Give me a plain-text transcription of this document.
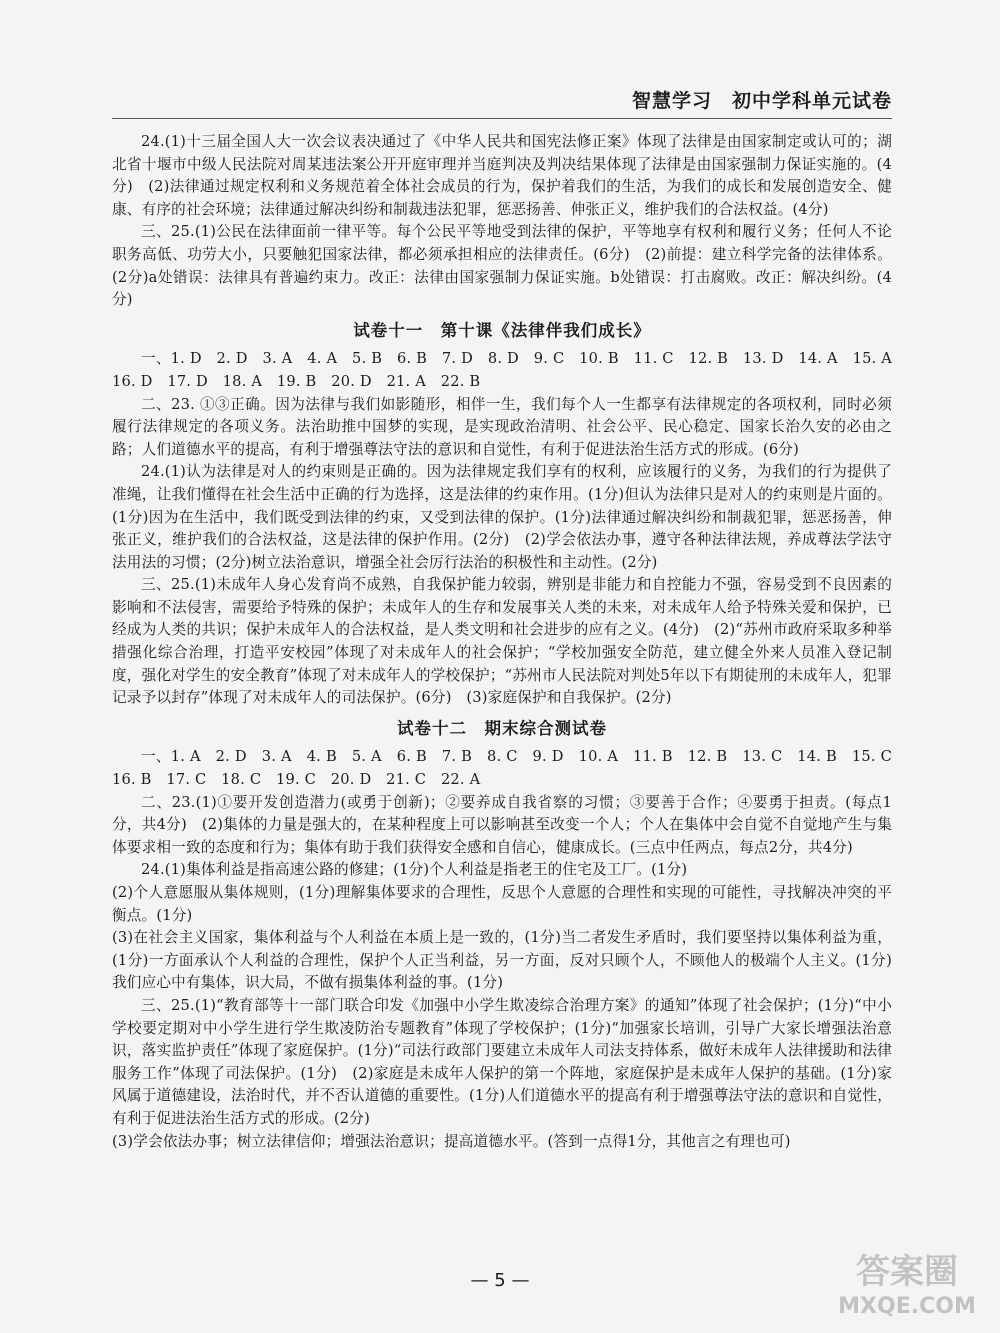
智慧学习　初中学科单元试卷

24.(1)十三届全国人大一次会议表决通过了《中华人民共和国宪法修正案》体现了法律是由国家制定或认可的；湖北省十堰市中级人民法院对周某违法案公开开庭审理并当庭判决及判决结果体现了法律是由国家强制力保证实施的。(4分)　(2)法律通过规定权利和义务规范着全体社会成员的行为，保护着我们的生活，为我们的成长和发展创造安全、健康、有序的社会环境；法律通过解决纠纷和制裁违法犯罪，惩恶扬善、伸张正义，维护我们的合法权益。(4分)

三、25.(1)公民在法律面前一律平等。每个公民平等地受到法律的保护，平等地享有权利和履行义务；任何人不论职务高低、功劳大小，只要触犯国家法律，都必须承担相应的法律责任。(6分)　(2)前提：建立科学完备的法律体系。(2分)a处错误：法律具有普遍约束力。改正：法律由国家强制力保证实施。b处错误：打击腐败。改正：解决纠纷。(4分)

试卷十一　第十课《法律伴我们成长》

一、1. D　2. D　3. A　4. A　5. B　6. B　7. D　8. D　9. C　10. B　11. C　12. B　13. D　14. A　15. A　16. D　17. D　18. A　19. B　20. D　21. A　22. B

二、23. ①③正确。因为法律与我们如影随形，相伴一生，我们每个人一生都享有法律规定的各项权利，同时必须履行法律规定的各项义务。法治助推中国梦的实现，是实现政治清明、社会公平、民心稳定、国家长治久安的必由之路；人们道德水平的提高，有利于增强尊法守法的意识和自觉性，有利于促进法治生活方式的形成。(6分)

24.(1)认为法律是对人的约束则是正确的。因为法律规定我们享有的权利，应该履行的义务，为我们的行为提供了准绳，让我们懂得在社会生活中正确的行为选择，这是法律的约束作用。(1分)但认为法律只是对人的约束则是片面的。(1分)因为在生活中，我们既受到法律的约束，又受到法律的保护。(1分)法律通过解决纠纷和制裁犯罪，惩恶扬善，伸张正义，维护我们的合法权益，这是法律的保护作用。(2分)　(2)学会依法办事，遵守各种法律法规，养成尊法学法守法用法的习惯；(2分)树立法治意识，增强全社会厉行法治的积极性和主动性。(2分)

三、25.(1)未成年人身心发育尚不成熟，自我保护能力较弱，辨别是非能力和自控能力不强，容易受到不良因素的影响和不法侵害，需要给予特殊的保护；未成年人的生存和发展事关人类的未来，对未成年人给予特殊关爱和保护，已经成为人类的共识；保护未成年人的合法权益，是人类文明和社会进步的应有之义。(4分)　(2)“苏州市政府采取多种举措强化综合治理，打造平安校园”体现了对未成年人的社会保护；“学校加强安全防范，建立健全外来人员准入登记制度，强化对学生的安全教育”体现了对未成年人的学校保护；“苏州市人民法院对判处5年以下有期徒刑的未成年人，犯罪记录予以封存”体现了对未成年人的司法保护。(6分)　(3)家庭保护和自我保护。(2分)

试卷十二　期末综合测试卷

一、1. A　2. D　3. A　4. B　5. A　6. B　7. B　8. C　9. D　10. A　11. B　12. B　13. C　14. B　15. C　16. B　17. C　18. C　19. C　20. D　21. C　22. A

二、23.(1)①要开发创造潜力(或勇于创新)；②要养成自我省察的习惯；③要善于合作；④要勇于担责。(每点1分，共4分)　(2)集体的力量是强大的，在某种程度上可以影响甚至改变一个人；个人在集体中会自觉不自觉地产生与集体要求相一致的态度和行为；集体有助于我们获得安全感和自信心，健康成长。(三点中任两点，每点2分，共4分)

24.(1)集体利益是指高速公路的修建；(1分)个人利益是指老王的住宅及工厂。(1分)

(2)个人意愿服从集体规则，(1分)理解集体要求的合理性，反思个人意愿的合理性和实现的可能性，寻找解决冲突的平衡点。(1分)

(3)在社会主义国家，集体利益与个人利益在本质上是一致的，(1分)当二者发生矛盾时，我们要坚持以集体利益为重，(1分)一方面承认个人利益的合理性，保护个人正当利益，另一方面，反对只顾个人，不顾他人的极端个人主义。(1分)我们应心中有集体，识大局，不做有损集体利益的事。(1分)

三、25.(1)“教育部等十一部门联合印发《加强中小学生欺凌综合治理方案》的通知”体现了社会保护；(1分)“中小学校要定期对中小学生进行学生欺凌防治专题教育”体现了学校保护；(1分)“加强家长培训，引导广大家长增强法治意识，落实监护责任”体现了家庭保护。(1分)“司法行政部门要建立未成年人司法支持体系，做好未成年人法律援助和法律服务工作”体现了司法保护。(1分)　(2)家庭是未成年人保护的第一个阵地，家庭保护是未成年人保护的基础。(1分)家风属于道德建设，法治时代，并不否认道德的重要性。(1分)人们道德水平的提高有利于增强尊法守法的意识和自觉性，有利于促进法治生活方式的形成。(2分)

(3)学会依法办事；树立法律信仰；增强法治意识；提高道德水平。(答到一点得1分，其他言之有理也可)

— 5 —	答案圈
MXQE.COM
